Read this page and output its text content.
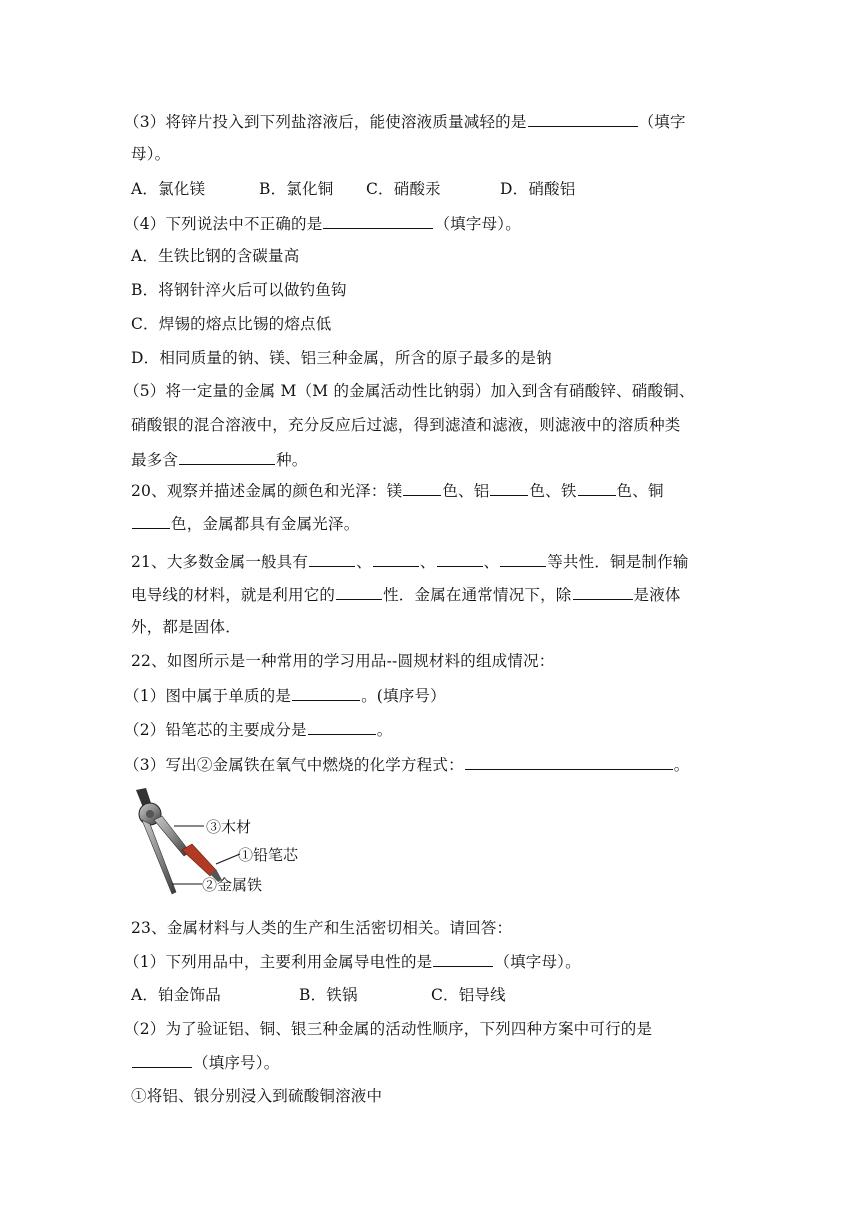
（3）将锌片投入到下列盐溶液后，能使溶液质量减轻的是	（填字
母）。
A．氯化镁	B．氯化铜 C．硝酸汞	D．硝酸铝
（4）下列说法中不正确的是	（填字母）。
A．生铁比钢的含碳量高
B．将钢针淬火后可以做钓鱼钩
C．焊锡的熔点比锡的熔点低
D．相同质量的钠、镁、铝三种金属，所含的原子最多的是钠
（5）将一定量的金属 M（M 的金属活动性比钠弱）加入到含有硝酸锌、硝酸铜、
硝酸银的混合溶液中，充分反应后过滤，得到滤渣和滤液，则滤液中的溶质种类
最多含	种。
20、观察并描述金属的颜色和光泽：镁	色、铝	色、铁	色、铜
色，金属都具有金属光泽。
21、大多数金属一般具有	、	、	、	等共性．铜是制作输
电导线的材料，就是利用它的	性．金属在通常情况下，除	是液体
外，都是固体．
22、如图所示是一种常用的学习用品--圆规材料的组成情况：
（1）图中属于单质的是	。(填序号）
（2）铅笔芯的主要成分是	。
（3）写出②金属铁在氧气中燃烧的化学方程式：	。
③木材
①铅笔芯
②金属铁
23、金属材料与人类的生产和生活密切相关。请回答：
（1）下列用品中，主要利用金属导电性的是	（填字母）。
A．铂金饰品	B．铁锅	C．铝导线
（2）为了验证铝、铜、银三种金属的活动性顺序，下列四种方案中可行的是
（填序号）。
①将铝、银分别浸入到硫酸铜溶液中
